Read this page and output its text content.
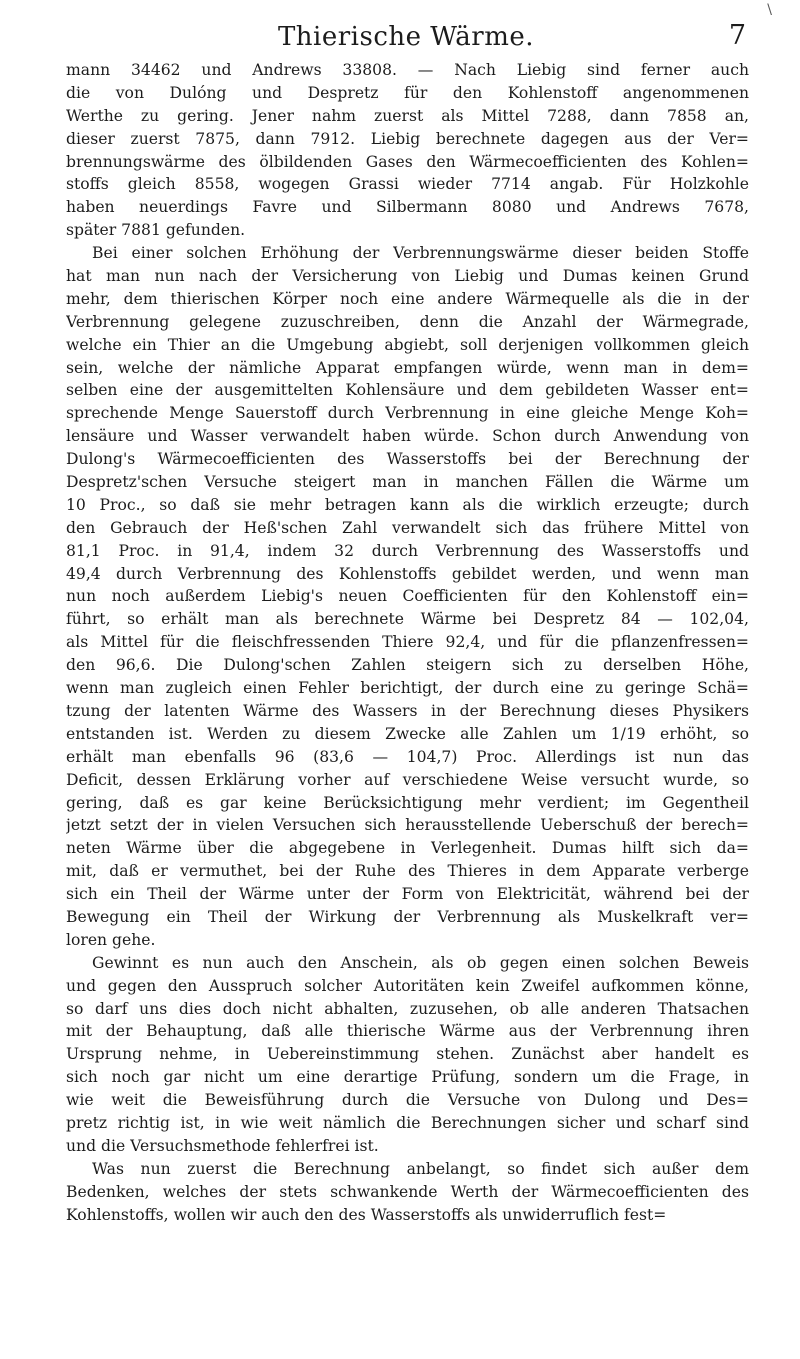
\
Thierische Wärme.	7
mann 34462 und Andrews 33808. — Nach Liebig sind ferner auch
die von Dulóng und Despretz für den Kohlenstoff angenommenen
Werthe zu gering. Jener nahm zuerst als Mittel 7288, dann 7858 an,
dieser zuerst 7875, dann 7912. Liebig berechnete dagegen aus der Ver=
brennungswärme des ölbildenden Gases den Wärmecoefficienten des Kohlen=
stoffs gleich 8558, wogegen Grassi wieder 7714 angab. Für Holzkohle
haben neuerdings Favre und Silbermann 8080 und Andrews 7678,
später 7881 gefunden.
Bei einer solchen Erhöhung der Verbrennungswärme dieser beiden Stoffe
hat man nun nach der Versicherung von Liebig und Dumas keinen Grund
mehr, dem thierischen Körper noch eine andere Wärmequelle als die in der
Verbrennung gelegene zuzuschreiben, denn die Anzahl der Wärmegrade,
welche ein Thier an die Umgebung abgiebt, soll derjenigen vollkommen gleich
sein, welche der nämliche Apparat empfangen würde, wenn man in dem=
selben eine der ausgemittelten Kohlensäure und dem gebildeten Wasser ent=
sprechende Menge Sauerstoff durch Verbrennung in eine gleiche Menge Koh=
lensäure und Wasser verwandelt haben würde. Schon durch Anwendung von
Dulong's Wärmecoefficienten des Wasserstoffs bei der Berechnung der
Despretz'schen Versuche steigert man in manchen Fällen die Wärme um
10 Proc., so daß sie mehr betragen kann als die wirklich erzeugte; durch
den Gebrauch der Heß'schen Zahl verwandelt sich das frühere Mittel von
81,1 Proc. in 91,4, indem 32 durch Verbrennung des Wasserstoffs und
49,4 durch Verbrennung des Kohlenstoffs gebildet werden, und wenn man
nun noch außerdem Liebig's neuen Coefficienten für den Kohlenstoff ein=
führt, so erhält man als berechnete Wärme bei Despretz 84 — 102,04,
als Mittel für die fleischfressenden Thiere 92,4, und für die pflanzenfressen=
den 96,6. Die Dulong'schen Zahlen steigern sich zu derselben Höhe,
wenn man zugleich einen Fehler berichtigt, der durch eine zu geringe Schä=
tzung der latenten Wärme des Wassers in der Berechnung dieses Physikers
entstanden ist. Werden zu diesem Zwecke alle Zahlen um 1/19 erhöht, so
erhält man ebenfalls 96 (83,6 — 104,7) Proc. Allerdings ist nun das
Deficit, dessen Erklärung vorher auf verschiedene Weise versucht wurde, so
gering, daß es gar keine Berücksichtigung mehr verdient; im Gegentheil
jetzt setzt der in vielen Versuchen sich herausstellende Ueberschuß der berech=
neten Wärme über die abgegebene in Verlegenheit. Dumas hilft sich da=
mit, daß er vermuthet, bei der Ruhe des Thieres in dem Apparate verberge
sich ein Theil der Wärme unter der Form von Elektricität, während bei der
Bewegung ein Theil der Wirkung der Verbrennung als Muskelkraft ver=
loren gehe.
Gewinnt es nun auch den Anschein, als ob gegen einen solchen Beweis
und gegen den Ausspruch solcher Autoritäten kein Zweifel aufkommen könne,
so darf uns dies doch nicht abhalten, zuzusehen, ob alle anderen Thatsachen
mit der Behauptung, daß alle thierische Wärme aus der Verbrennung ihren
Ursprung nehme, in Uebereinstimmung stehen. Zunächst aber handelt es
sich noch gar nicht um eine derartige Prüfung, sondern um die Frage, in
wie weit die Beweisführung durch die Versuche von Dulong und Des=
pretz richtig ist, in wie weit nämlich die Berechnungen sicher und scharf sind
und die Versuchsmethode fehlerfrei ist.
Was nun zuerst die Berechnung anbelangt, so findet sich außer dem
Bedenken, welches der stets schwankende Werth der Wärmecoefficienten des
Kohlenstoffs, wollen wir auch den des Wasserstoffs als unwiderruflich fest=
